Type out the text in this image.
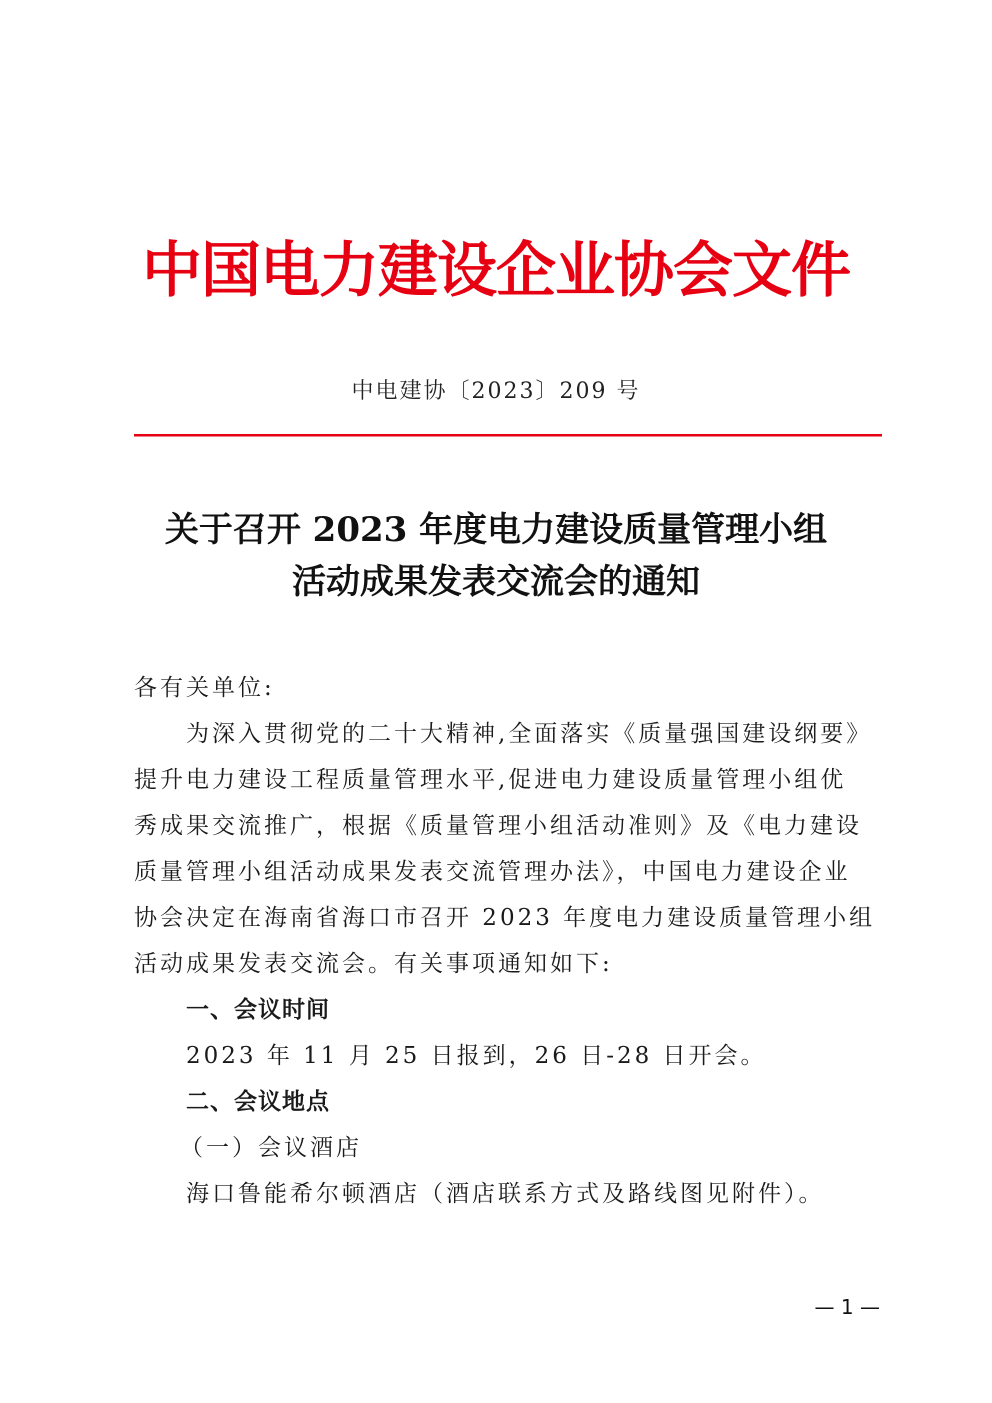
中国电力建设企业协会文件
中电建协〔2023〕209 号
关于召开 2023 年度电力建设质量管理小组
活动成果发表交流会的通知
各有关单位:
为深入贯彻党的二十大精神,全面落实《质量强国建设纲要》
提升电力建设工程质量管理水平,促进电力建设质量管理小组优
秀成果交流推广，根据《质量管理小组活动准则》及《电力建设
质量管理小组活动成果发表交流管理办法》，中国电力建设企业
协会决定在海南省海口市召开 2023 年度电力建设质量管理小组
活动成果发表交流会。有关事项通知如下:
一、会议时间
2023 年 11 月 25 日报到，26 日-28 日开会。
二、会议地点
（一）会议酒店
海口鲁能希尔顿酒店（酒店联系方式及路线图见附件）。
— 1 —
